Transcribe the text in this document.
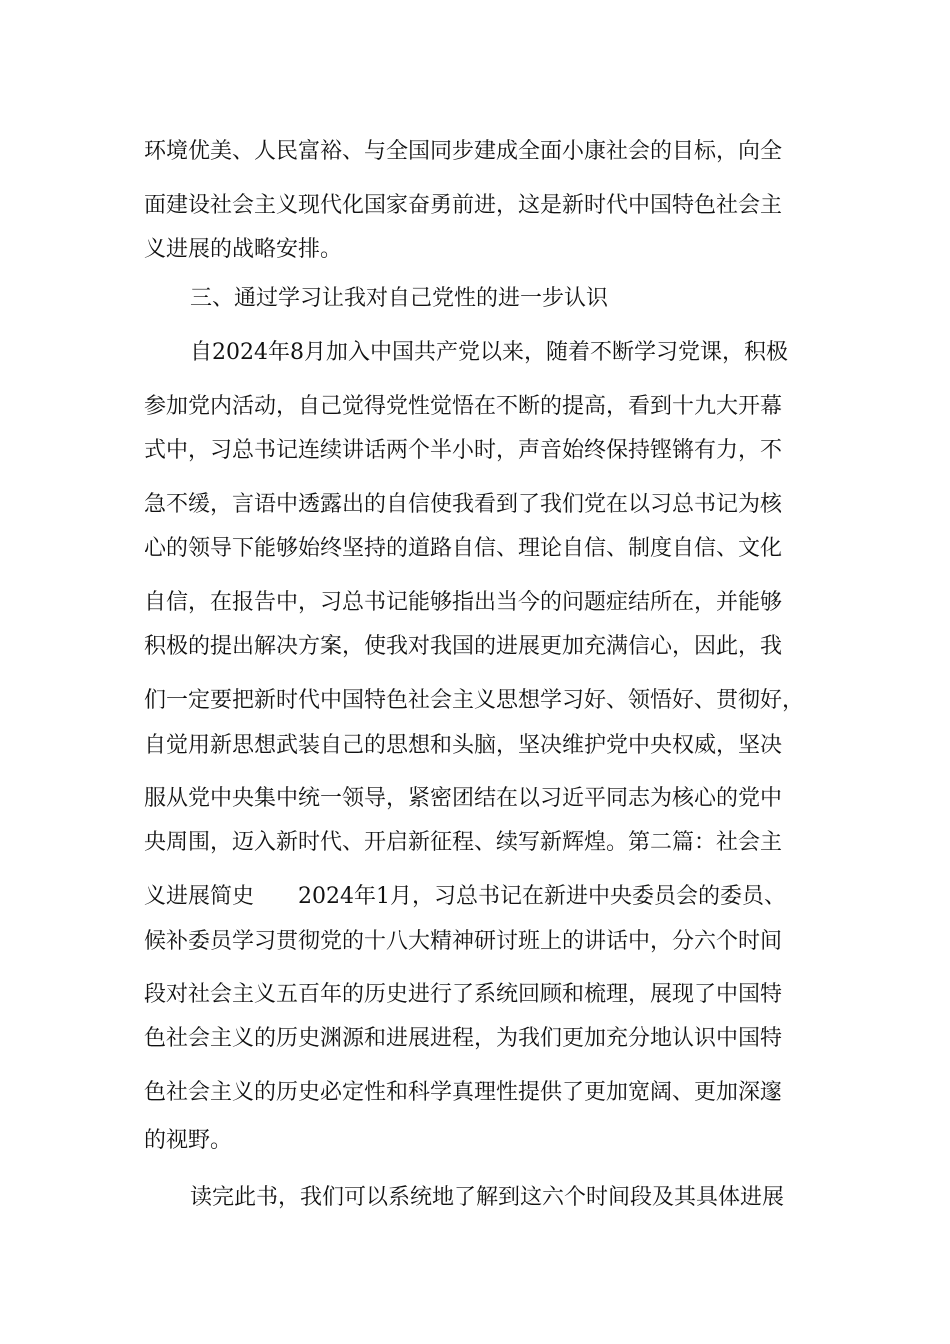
环境优美、人民富裕、与全国同步建成全面小康社会的目标，向全

面建设社会主义现代化国家奋勇前进，这是新时代中国特色社会主

义进展的战略安排。

三、通过学习让我对自己党性的进一步认识

自2024年8月加入中国共产党以来，随着不断学习党课，积极

参加党内活动，自己觉得党性觉悟在不断的提高，看到十九大开幕

式中，习总书记连续讲话两个半小时，声音始终保持铿锵有力，不

急不缓，言语中透露出的自信使我看到了我们党在以习总书记为核

心的领导下能够始终坚持的道路自信、理论自信、制度自信、文化

自信，在报告中，习总书记能够指出当今的问题症结所在，并能够

积极的提出解决方案，使我对我国的进展更加充满信心，因此，我

们一定要把新时代中国特色社会主义思想学习好、领悟好、贯彻好，

自觉用新思想武装自己的思想和头脑，坚决维护党中央权威，坚决

服从党中央集中统一领导，紧密团结在以习近平同志为核心的党中

央周围，迈入新时代、开启新征程、续写新辉煌。第二篇：社会主

义进展简史　　2024年1月，习总书记在新进中央委员会的委员、

候补委员学习贯彻党的十八大精神研讨班上的讲话中，分六个时间

段对社会主义五百年的历史进行了系统回顾和梳理，展现了中国特

色社会主义的历史渊源和进展进程，为我们更加充分地认识中国特

色社会主义的历史必定性和科学真理性提供了更加宽阔、更加深邃

的视野。

读完此书，我们可以系统地了解到这六个时间段及其具体进展
